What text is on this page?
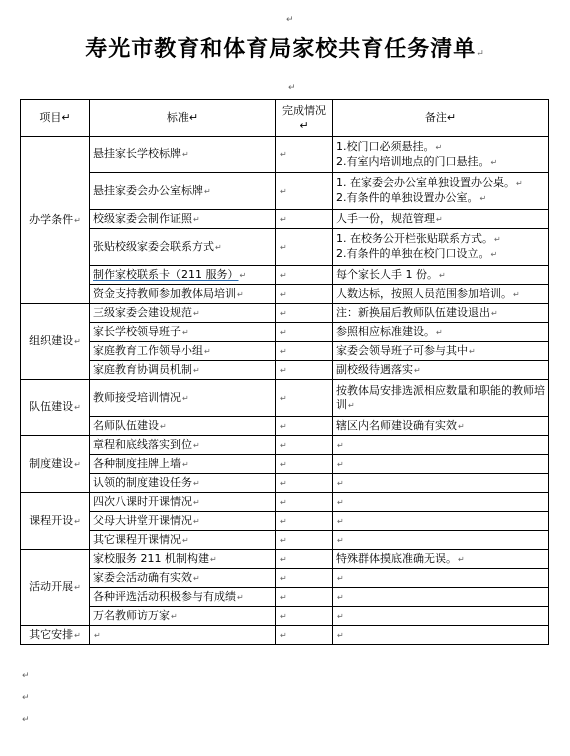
↵
↵
寿光市教育和体育局家校共育任务清单↵
项目↵	标准↵	完成情况↵	备注↵
办学条件↵	悬挂家长学校标牌↵	↵	1.校门口必须悬挂。↵
2.有室内培训地点的门口悬挂。↵

	悬挂家委会办公室标牌↵	↵	1. 在家委会办公室单独设置办公桌。↵
2.有条件的单独设置办公室。↵

	校级家委会制作证照↵	↵	人手一份，规范管理↵
	张贴校级家委会联系方式↵	↵	1. 在校务公开栏张贴联系方式。↵
2.有条件的单独在校门口设立。↵

	制作家校联系卡（211 服务）↵	↵	每个家长人手 1 份。↵
	资金支持教师参加教体局培训↵	↵	人数达标，按照人员范围参加培训。↵
组织建设↵	三级家委会建设规范↵	↵	注：新换届后教师队伍建设退出↵
	家长学校领导班子↵	↵	参照相应标准建设。↵
	家庭教育工作领导小组↵	↵	家委会领导班子可参与其中↵
	家庭教育协调员机制↵	↵	副校级待遇落实↵
队伍建设↵	教师接受培训情况↵	↵	按教体局安排选派相应数量和职能的教师培训↵
	名师队伍建设↵	↵	辖区内名师建设确有实效↵
制度建设↵	章程和底线落实到位↵	↵	↵
	各种制度挂牌上墙↵	↵	↵
	认领的制度建设任务↵	↵	↵
课程开设↵	四次八课时开课情况↵	↵	↵
	父母大讲堂开课情况↵	↵	↵
	其它课程开课情况↵	↵	↵
活动开展↵	家校服务 211 机制构建↵	↵	特殊群体摸底准确无误。↵
	家委会活动确有实效↵	↵	↵
	各种评选活动积极参与有成绩↵	↵	↵
	万名教师访万家↵	↵	↵
其它安排↵	↵	↵	↵
↵
↵
↵
